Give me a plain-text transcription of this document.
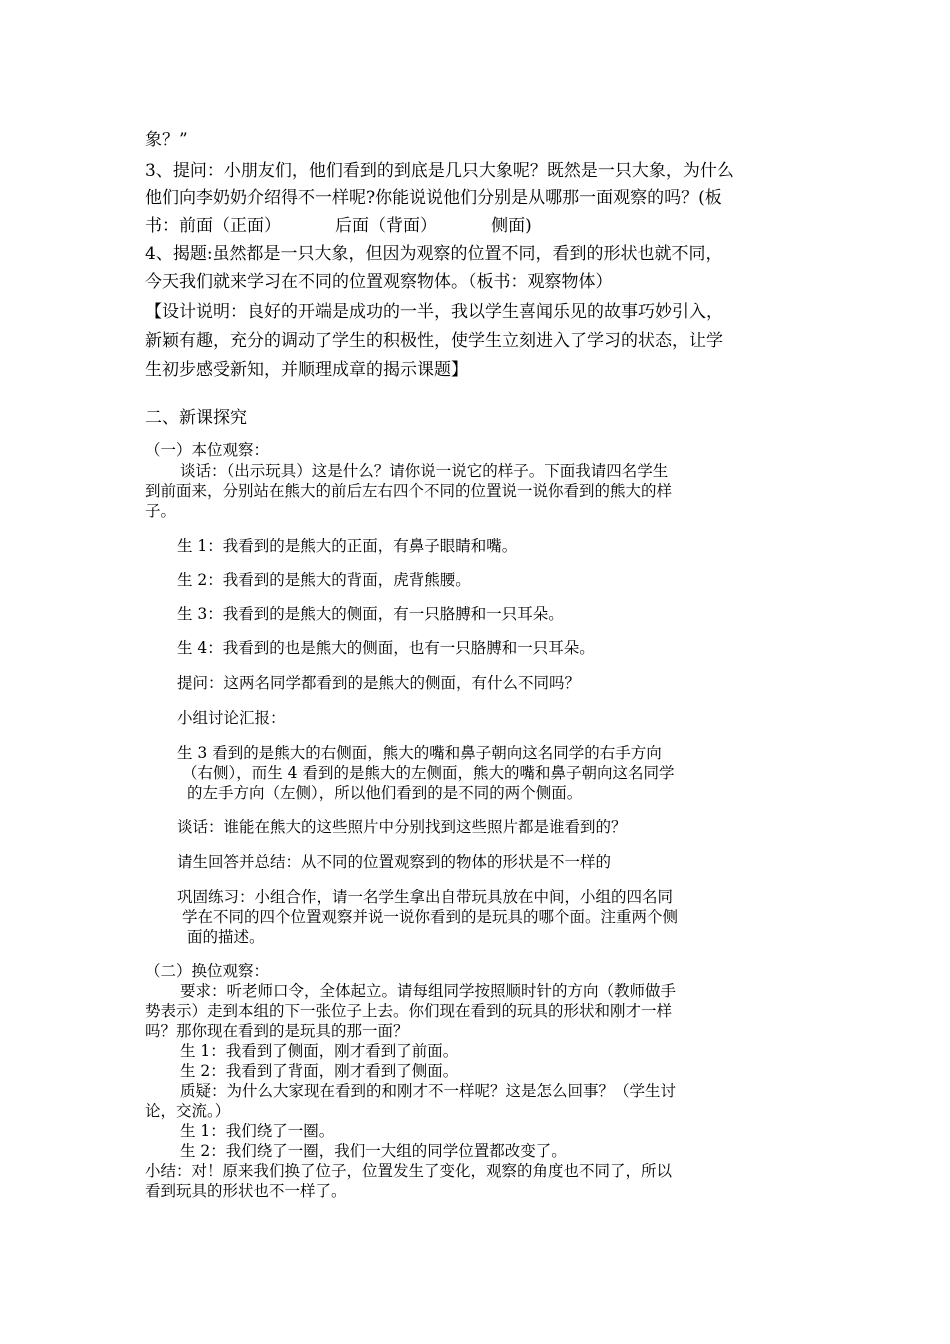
象？”
3、提问：小朋友们，他们看到的到底是几只大象呢？既然是一只大象，为什么
他们向李奶奶介绍得不一样呢?你能说说他们分别是从哪那一面观察的吗？(板
书：前面（正面）          后面（背面）          侧面)
4、揭题:虽然都是一只大象，但因为观察的位置不同，看到的形状也就不同，
今天我们就来学习在不同的位置观察物体。（板书：观察物体）
【设计说明：良好的开端是成功的一半，我以学生喜闻乐见的故事巧妙引入，
新颖有趣，充分的调动了学生的积极性，使学生立刻进入了学习的状态，让学
生初步感受新知，并顺理成章的揭示课题】
二、新课探究
（一）本位观察：
谈话：（出示玩具）这是什么？请你说一说它的样子。下面我请四名学生
到前面来，分别站在熊大的前后左右四个不同的位置说一说你看到的熊大的样
子。
生 1：我看到的是熊大的正面，有鼻子眼睛和嘴。
生 2：我看到的是熊大的背面，虎背熊腰。
生 3：我看到的是熊大的侧面，有一只胳膊和一只耳朵。
生 4：我看到的也是熊大的侧面，也有一只胳膊和一只耳朵。
提问：这两名同学都看到的是熊大的侧面，有什么不同吗？
小组讨论汇报：
生 3 看到的是熊大的右侧面，熊大的嘴和鼻子朝向这名同学的右手方向
（右侧），而生 4 看到的是熊大的左侧面，熊大的嘴和鼻子朝向这名同学
的左手方向（左侧），所以他们看到的是不同的两个侧面。
谈话：谁能在熊大的这些照片中分别找到这些照片都是谁看到的？
请生回答并总结：从不同的位置观察到的物体的形状是不一样的
巩固练习：小组合作，请一名学生拿出自带玩具放在中间，小组的四名同
学在不同的四个位置观察并说一说你看到的是玩具的哪个面。注重两个侧
面的描述。
（二）换位观察：
要求：听老师口令，全体起立。请每组同学按照顺时针的方向（教师做手
势表示）走到本组的下一张位子上去。你们现在看到的玩具的形状和刚才一样
吗？那你现在看到的是玩具的那一面？
生 1：我看到了侧面，刚才看到了前面。
生 2：我看到了背面，刚才看到了侧面。
质疑：为什么大家现在看到的和刚才不一样呢？这是怎么回事？（学生讨
论，交流。）
生 1：我们绕了一圈。
生 2：我们绕了一圈，我们一大组的同学位置都改变了。
小结：对！原来我们换了位子，位置发生了变化，观察的角度也不同了，所以
看到玩具的形状也不一样了。
